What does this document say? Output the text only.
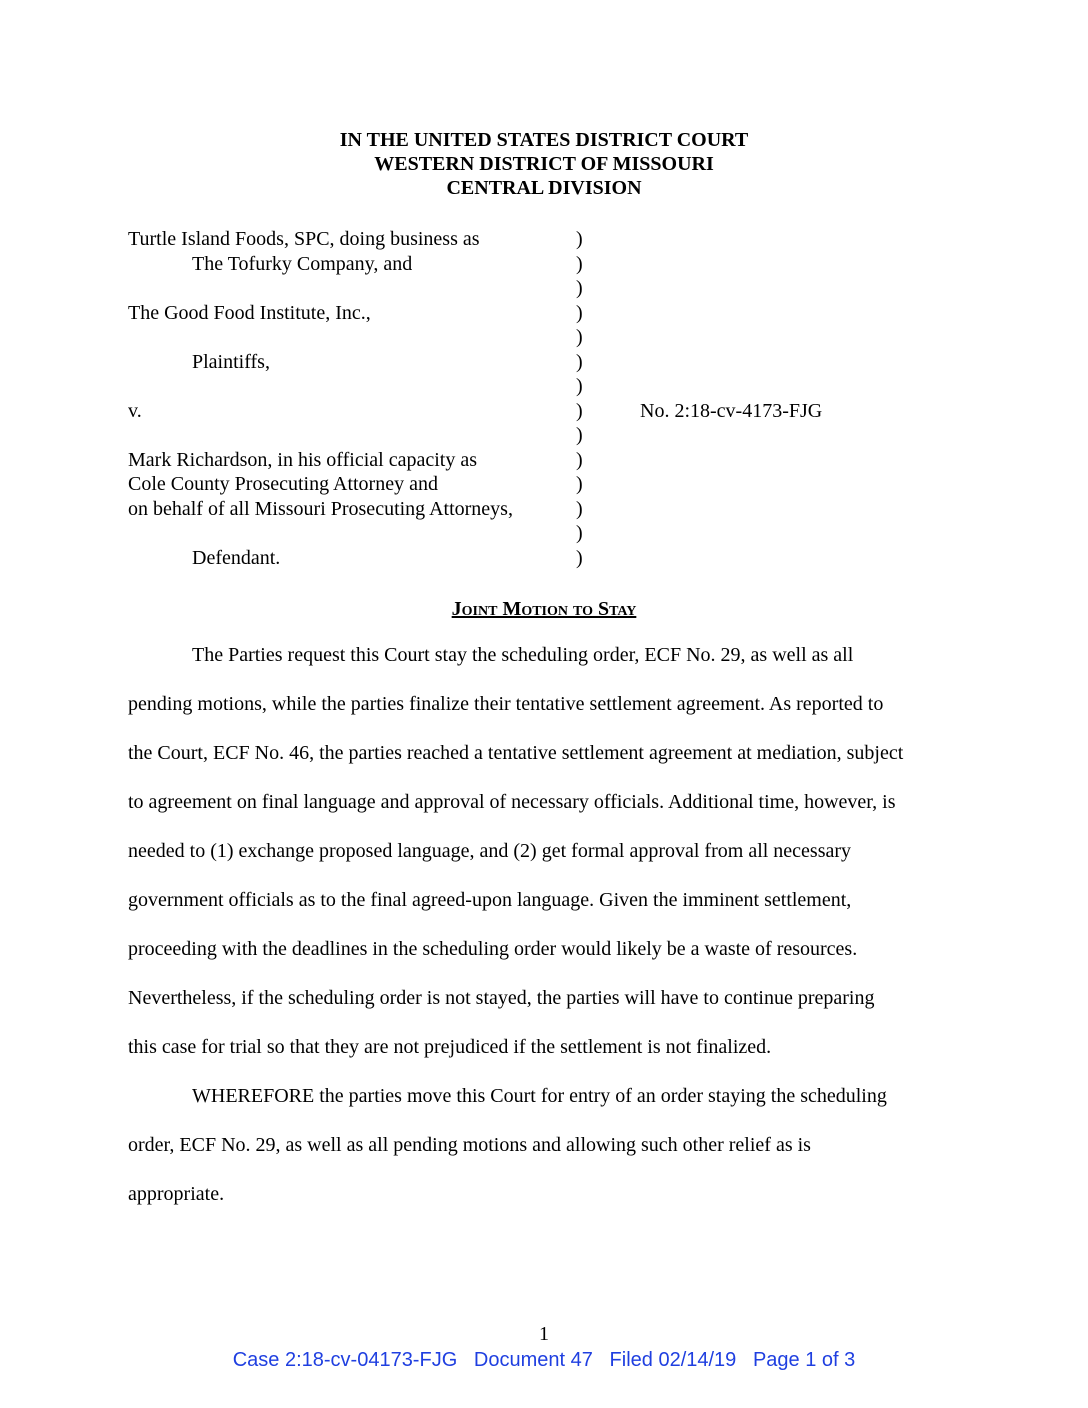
IN THE UNITED STATES DISTRICT COURT
WESTERN DISTRICT OF MISSOURI
CENTRAL DIVISION
Turtle Island Foods, SPC, doing business as	)
The Tofurky Company, and	)
)
The Good Food Institute, Inc.,	)
)
Plaintiffs,	)
)
v.	)	No. 2:18-cv-4173-FJG
)
Mark Richardson, in his official capacity as	)
Cole County Prosecuting Attorney and	)
on behalf of all Missouri Prosecuting Attorneys,	)
)
Defendant.	)
Joint Motion to Stay
The Parties request this Court stay the scheduling order, ECF No. 29, as well as all
pending motions, while the parties finalize their tentative settlement agreement. As reported to
the Court, ECF No. 46, the parties reached a tentative settlement agreement at mediation, subject
to agreement on final language and approval of necessary officials. Additional time, however, is
needed to (1) exchange proposed language, and (2) get formal approval from all necessary
government officials as to the final agreed-upon language. Given the imminent settlement,
proceeding with the deadlines in the scheduling order would likely be a waste of resources.
Nevertheless, if the scheduling order is not stayed, the parties will have to continue preparing
this case for trial so that they are not prejudiced if the settlement is not finalized.
WHEREFORE the parties move this Court for entry of an order staying the scheduling
order, ECF No. 29, as well as all pending motions and allowing such other relief as is
appropriate.
1
Case 2:18-cv-04173-FJG   Document 47   Filed 02/14/19   Page 1 of 3
